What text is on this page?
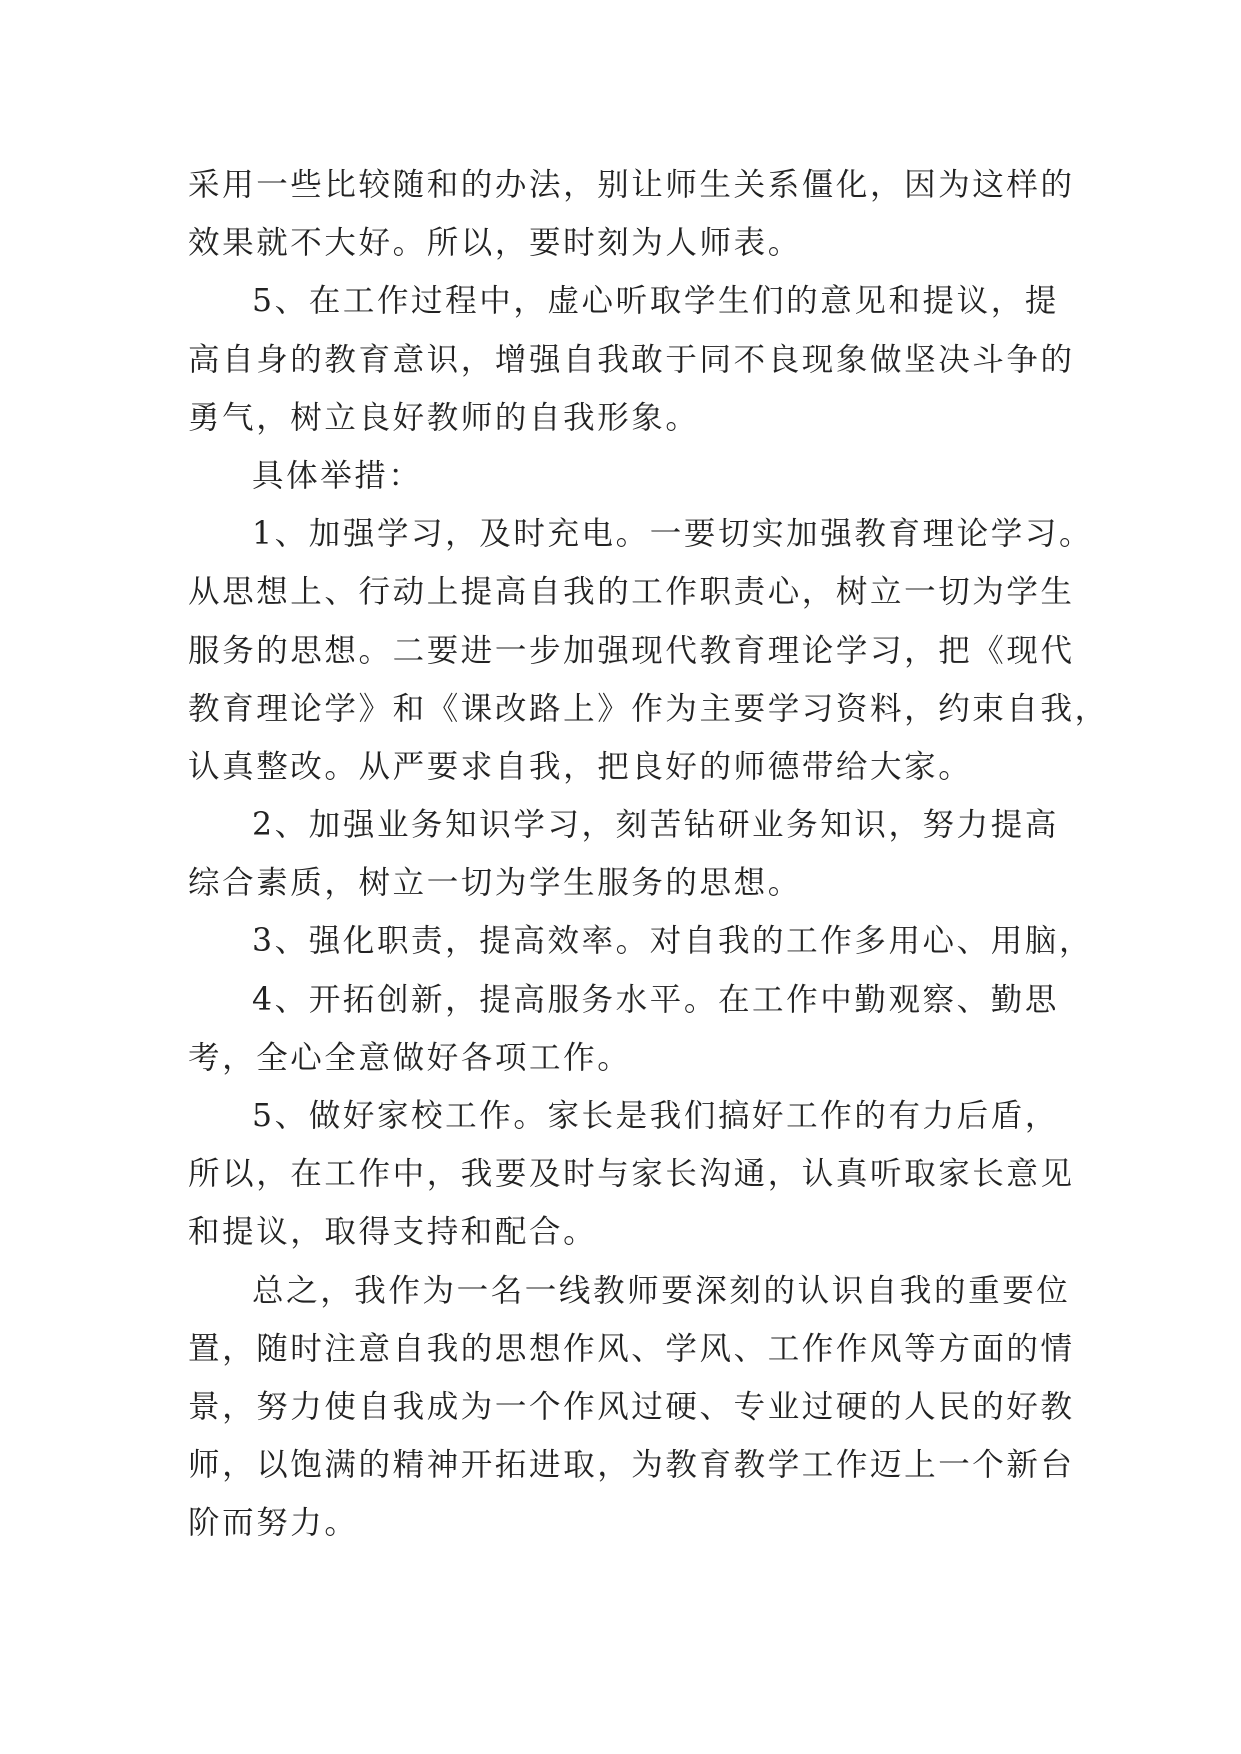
采用一些比较随和的办法，别让师生关系僵化，因为这样的
效果就不大好。所以，要时刻为人师表。
5、在工作过程中，虚心听取学生们的意见和提议，提
高自身的教育意识，增强自我敢于同不良现象做坚决斗争的
勇气，树立良好教师的自我形象。
具体举措：
1、加强学习，及时充电。一要切实加强教育理论学习。
从思想上、行动上提高自我的工作职责心，树立一切为学生
服务的思想。二要进一步加强现代教育理论学习，把《现代
教育理论学》和《课改路上》作为主要学习资料，约束自我，
认真整改。从严要求自我，把良好的师德带给大家。
2、加强业务知识学习，刻苦钻研业务知识，努力提高
综合素质，树立一切为学生服务的思想。
3、强化职责，提高效率。对自我的工作多用心、用脑，
4、开拓创新，提高服务水平。在工作中勤观察、勤思
考，全心全意做好各项工作。
5、做好家校工作。家长是我们搞好工作的有力后盾，
所以，在工作中，我要及时与家长沟通，认真听取家长意见
和提议，取得支持和配合。
总之，我作为一名一线教师要深刻的认识自我的重要位
置，随时注意自我的思想作风、学风、工作作风等方面的情
景，努力使自我成为一个作风过硬、专业过硬的人民的好教
师，以饱满的精神开拓进取，为教育教学工作迈上一个新台
阶而努力。
